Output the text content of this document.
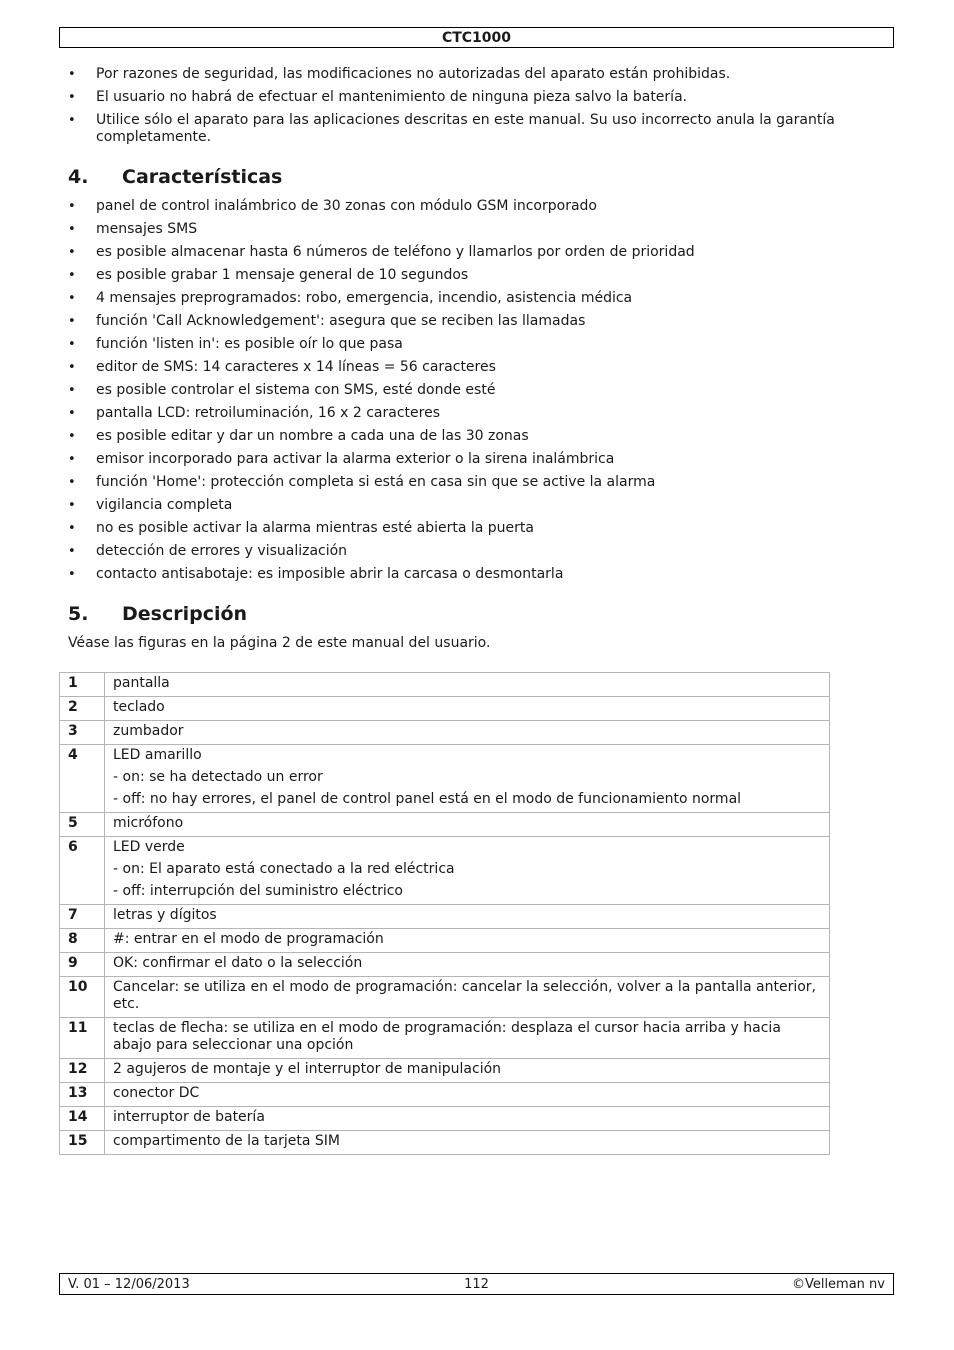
CTC1000
• Por razones de seguridad, las modificaciones no autorizadas del aparato están prohibidas.
• El usuario no habrá de efectuar el mantenimiento de ninguna pieza salvo la batería.
• Utilice sólo el aparato para las aplicaciones descritas en este manual. Su uso incorrecto anula la garantía completamente.
4.	Características
• panel de control inalámbrico de 30 zonas con módulo GSM incorporado
• mensajes SMS
• es posible almacenar hasta 6 números de teléfono y llamarlos por orden de prioridad
• es posible grabar 1 mensaje general de 10 segundos
• 4 mensajes preprogramados: robo, emergencia, incendio, asistencia médica
• función 'Call Acknowledgement': asegura que se reciben las llamadas
• función 'listen in': es posible oír lo que pasa
• editor de SMS: 14 caracteres x 14 líneas = 56 caracteres
• es posible controlar el sistema con SMS, esté donde esté
• pantalla LCD: retroiluminación, 16 x 2 caracteres
• es posible editar y dar un nombre a cada una de las 30 zonas
• emisor incorporado para activar la alarma exterior o la sirena inalámbrica
• función 'Home': protección completa si está en casa sin que se active la alarma
• vigilancia completa
• no es posible activar la alarma mientras esté abierta la puerta
• detección de errores y visualización
• contacto antisabotaje: es imposible abrir la carcasa o desmontarla
5.	Descripción

Véase las figuras en la página 2 de este manual del usuario.

1	pantalla

2	teclado

3	zumbador

4	LED amarillo
- on: se ha detectado un error
- off: no hay errores, el panel de control panel está en el modo de funcionamiento normal

5	micrófono

6	LED verde
- on: El aparato está conectado a la red eléctrica
- off: interrupción del suministro eléctrico

7	letras y dígitos

8	#: entrar en el modo de programación

9	OK: confirmar el dato o la selección

10	Cancelar: se utiliza en el modo de programación: cancelar la selección, volver a la pantalla anterior, etc.

11	teclas de flecha: se utiliza en el modo de programación: desplaza el cursor hacia arriba y hacia abajo para seleccionar una opción

12	2 agujeros de montaje y el interruptor de manipulación

13	conector DC

14	interruptor de batería

15	compartimento de la tarjeta SIM
V. 01 – 12/06/2013	112	©Velleman nv
